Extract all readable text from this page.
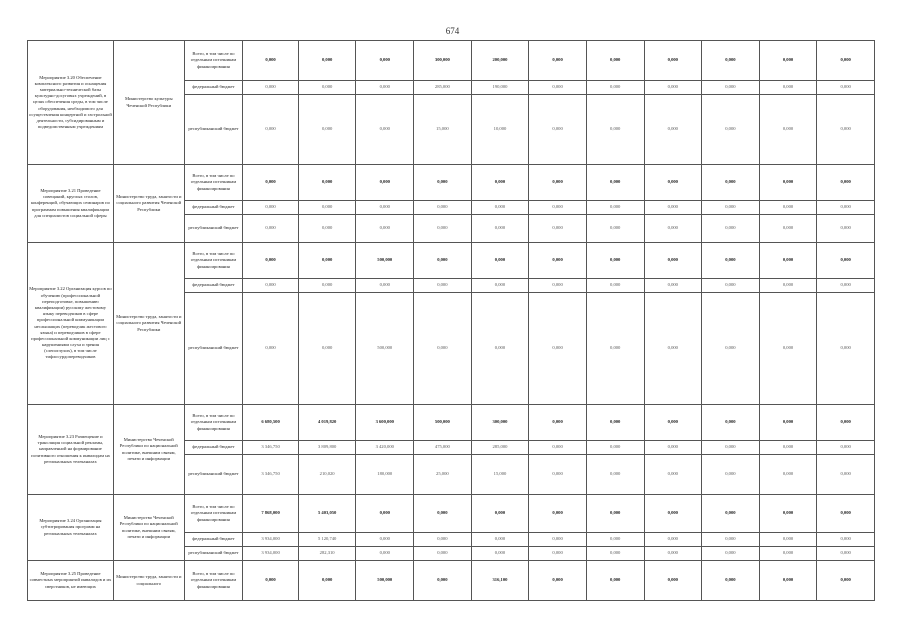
674
Мероприятие 3.20 Обеспечение комплексного развития и оснащения материально-технической базы культурно-досуговых учреждений, в целях обеспечения среды, в том числе оборудования, необходимого для осуществления концертной и гастрольной деятельности, субсидированным и подведомственным учреждениям	Министерство культуры Чеченской Республики	Всего, в том числе по отдельным источникам финансирования	0,000	0,000	0,000	300,000	200,000	0,000	0,000	0,000	0,000	0,000	0,000
		федеральный бюджет	0,000	0,000	0,000	285,000	190,000	0,000	0,000	0,000	0,000	0,000	0,000
		республиканский бюджет	0,000	0,000	0,000	15,000	10,000	0,000	0,000	0,000	0,000	0,000	0,000
Мероприятие 3.21 Проведение совещаний, круглых столов, конференций, обучающих семинаров по программам повышения квалификации для специалистов социальной сферы	Министерство труда, занятости и социального развития Чеченской Республики	Всего, в том числе по отдельным источникам финансирования	0,000	0,000	0,000	0,000	0,000	0,000	0,000	0,000	0,000	0,000	0,000
		федеральный бюджет	0,000	0,000	0,000	0,000	0,000	0,000	0,000	0,000	0,000	0,000	0,000
		республиканский бюджет	0,000	0,000	0,000	0,000	0,000	0,000	0,000	0,000	0,000	0,000	0,000
Мероприятие 3.22 Организация курсов по обучению (профессиональной переподготовке, повышению квалификации) русскому жестовому языку переводчиков в сфере профессиональной коммуникации неслышащих (переводчик жестового языка) и переводчиков в сфере профессиональной коммуникации лиц с нарушениями слуха и зрения (слепоглухих), в том числе тифлосурдопереводчиков	Министерство труда, занятости и социального развития Чеченской Республики	Всего, в том числе по отдельным источникам финансирования	0,000	0,000	500,000	0,000	0,000	0,000	0,000	0,000	0,000	0,000	0,000
		федеральный бюджет	0,000	0,000	0,000	0,000	0,000	0,000	0,000	0,000	0,000	0,000	0,000
		республиканский бюджет	0,000	0,000	500,000	0,000	0,000	0,000	0,000	0,000	0,000	0,000	0,000
Мероприятие 3.23 Размещение и трансляция социальной рекламы, направленной на формирование позитивного отношения к инвалидам на региональных телеканалах	Министерство Чеченской Республики по национальной политике, внешним связям, печати и информации	Всего, в том числе по отдельным источникам финансирования	6 680,500	4 019,820	3 600,000	500,000	300,000	0,000	0,000	0,000	0,000	0,000	0,000
		федеральный бюджет	3 346,750	3 809,800	3 420,000	475,000	285,000	0,000	0,000	0,000	0,000	0,000	0,000
		республиканский бюджет	3 346,750	210,020	180,000	25,000	15,000	0,000	0,000	0,000	0,000	0,000	0,000
Мероприятие 3.24 Организация субтитрирования программ на региональных телеканалах	Министерство Чеченской Республики по национальной политике, внешним связям, печати и информации	Всего, в том числе по отдельным источникам финансирования	7 868,000	5 403,050	0,000	0,000	0,000	0,000	0,000	0,000	0,000	0,000	0,000
		федеральный бюджет	3 934,000	5 120,740	0,000	0,000	0,000	0,000	0,000	0,000	0,000	0,000	0,000
		республиканский бюджет	3 934,000	282,310	0,000	0,000	0,000	0,000	0,000	0,000	0,000	0,000	0,000
Мероприятие 3.25 Проведение совместных мероприятий инвалидов и их сверстников, не имеющих	Министерство труда, занятости и социального	Всего, в том числе по отдельным источникам финансирования	0,000	0,000	500,000	0,000	316,100	0,000	0,000	0,000	0,000	0,000	0,000
